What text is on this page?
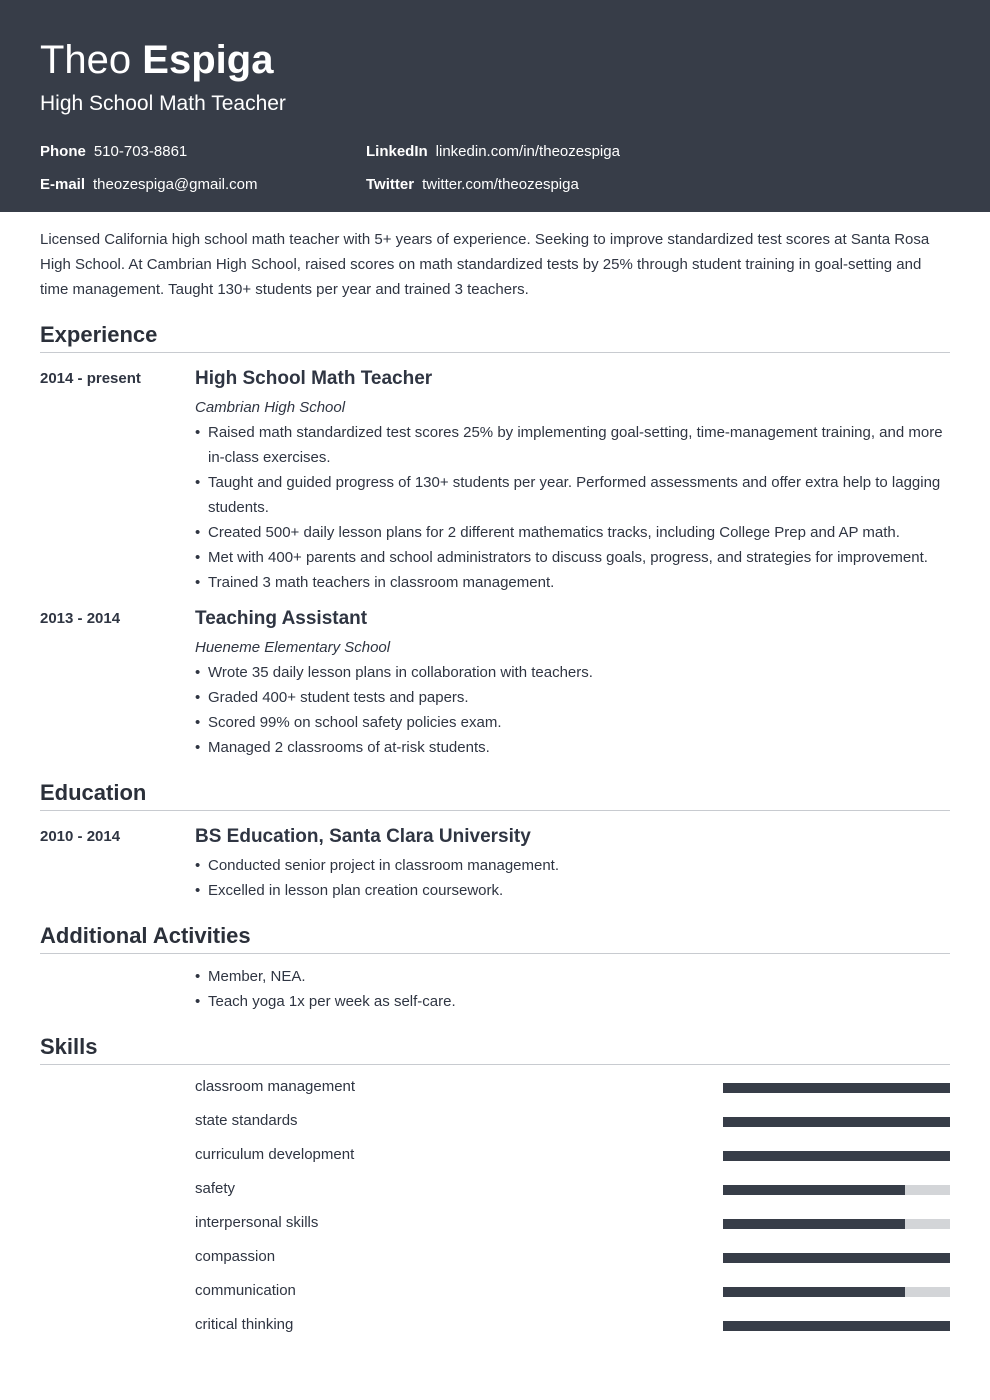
Theo Espiga
High School Math Teacher
Phone 510-703-8861
E-mail theozespiga@gmail.com
LinkedIn linkedin.com/in/theozespiga
Twitter twitter.com/theozespiga

Licensed California high school math teacher with 5+ years of experience. Seeking to improve standardized test scores at Santa Rosa High School. At Cambrian High School, raised scores on math standardized tests by 25% through student training in goal-setting and time management. Taught 130+ students per year and trained 3 teachers.

Experience
2014 - present	High School Math Teacher
Cambrian High School
• Raised math standardized test scores 25% by implementing goal-setting, time-management training, and more in-class exercises.
• Taught and guided progress of 130+ students per year. Performed assessments and offer extra help to lagging students.
• Created 500+ daily lesson plans for 2 different mathematics tracks, including College Prep and AP math.
• Met with 400+ parents and school administrators to discuss goals, progress, and strategies for improvement.
• Trained 3 math teachers in classroom management.
2013 - 2014	Teaching Assistant
Hueneme Elementary School
• Wrote 35 daily lesson plans in collaboration with teachers.
• Graded 400+ student tests and papers.
• Scored 99% on school safety policies exam.
• Managed 2 classrooms of at-risk students.
Education
2010 - 2014	BS Education, Santa Clara University
• Conducted senior project in classroom management.
• Excelled in lesson plan creation coursework.
Additional Activities
• Member, NEA.
• Teach yoga 1x per week as self-care.
Skills
classroom management
state standards
curriculum development
safety
interpersonal skills
compassion
communication
critical thinking
